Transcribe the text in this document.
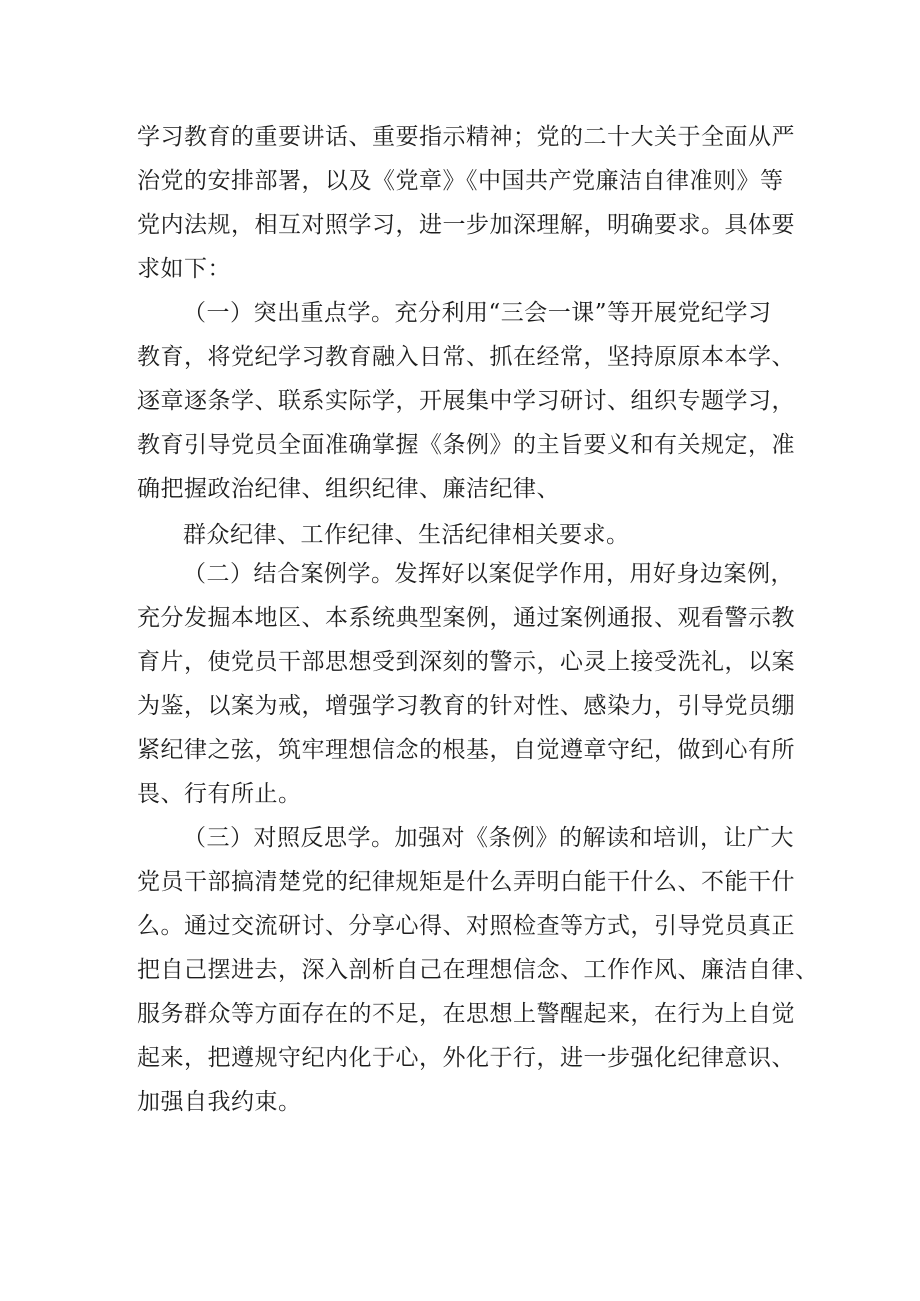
学习教育的重要讲话、重要指示精神；党的二十大关于全面从严
治党的安排部署，以及《党章》《中国共产党廉洁自律准则》等
党内法规，相互对照学习，进一步加深理解，明确要求。具体要
求如下：
（一）突出重点学。充分利用“三会一课”等开展党纪学习
教育，将党纪学习教育融入日常、抓在经常，坚持原原本本学、
逐章逐条学、联系实际学，开展集中学习研讨、组织专题学习，
教育引导党员全面准确掌握《条例》的主旨要义和有关规定，准
确把握政治纪律、组织纪律、廉洁纪律、
群众纪律、工作纪律、生活纪律相关要求。
（二）结合案例学。发挥好以案促学作用，用好身边案例，
充分发掘本地区、本系统典型案例，通过案例通报、观看警示教
育片，使党员干部思想受到深刻的警示，心灵上接受洗礼，以案
为鉴，以案为戒，增强学习教育的针对性、感染力，引导党员绷
紧纪律之弦，筑牢理想信念的根基，自觉遵章守纪，做到心有所
畏、行有所止。
（三）对照反思学。加强对《条例》的解读和培训，让广大
党员干部搞清楚党的纪律规矩是什么弄明白能干什么、不能干什
么。通过交流研讨、分享心得、对照检查等方式，引导党员真正
把自己摆进去，深入剖析自己在理想信念、工作作风、廉洁自律、
服务群众等方面存在的不足，在思想上警醒起来，在行为上自觉
起来，把遵规守纪内化于心，外化于行，进一步强化纪律意识、
加强自我约束。
